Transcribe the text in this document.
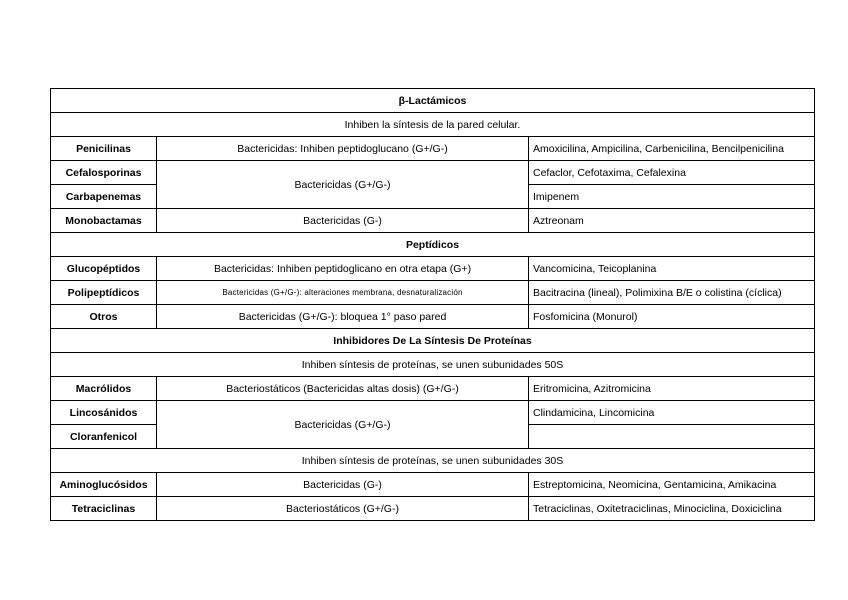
β-Lactámicos		
Inhiben la síntesis de la pared celular.		
Penicilinas	Bactericidas: Inhiben peptidoglucano (G+/G-)	Amoxicilina, Ampicilina, Carbenicilina, Bencilpenicilina
Cefalosporinas	Bactericidas (G+/G-)	Cefaclor, Cefotaxima, Cefalexina
Carbapenemas		Imipenem
Monobactamas	Bactericidas (G-)	Aztreonam
Peptídicos		
Glucopéptidos	Bactericidas: Inhiben peptidoglicano en otra etapa (G+)	Vancomicina, Teicoplanina
Polipeptídicos	Bactericidas (G+/G-): alteraciones membrana, desnaturalización	Bacitracina (lineal), Polimixina B/E o colistina (cíclica)
Otros	Bactericidas (G+/G-): bloquea 1° paso pared	Fosfomicina (Monurol)
Inhibidores De La Síntesis De Proteínas		
Inhiben síntesis de proteínas, se unen subunidades 50S		
Macrólidos	Bacteriostáticos (Bactericidas altas dosis) (G+/G-)	Eritromicina, Azitromicina
Lincosánidos	Bactericidas (G+/G-)	Clindamicina, Lincomicina
Cloranfenicol		
Inhiben síntesis de proteínas, se unen subunidades 30S		
Aminoglucósidos	Bactericidas (G-)	Estreptomicina, Neomicina, Gentamicina, Amikacina
Tetraciclinas	Bacteriostáticos (G+/G-)	Tetraciclinas, Oxitetraciclinas, Minociclina, Doxiciclina
